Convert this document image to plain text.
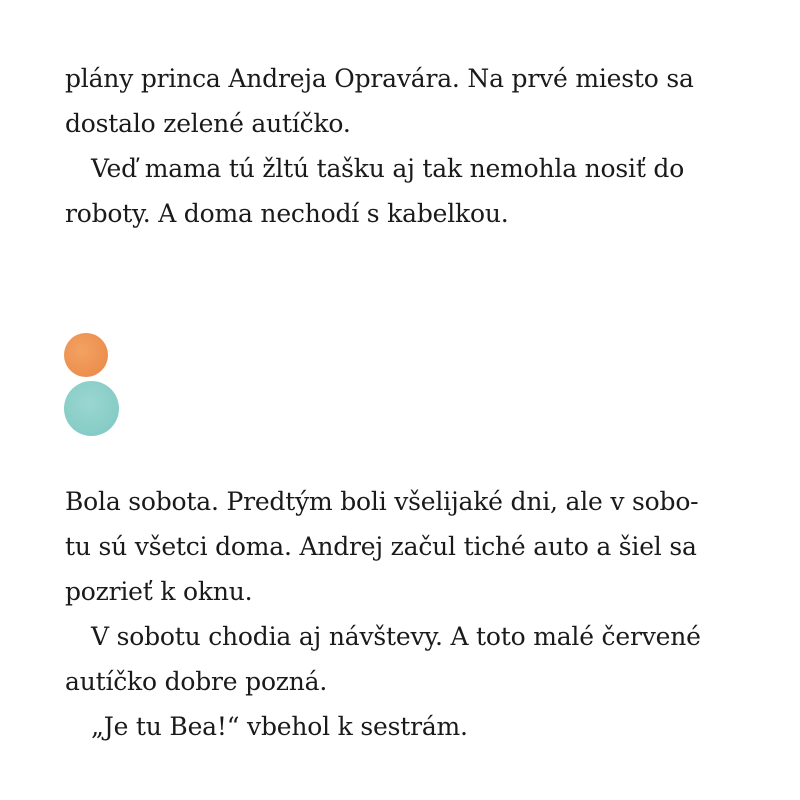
plány princa Andreja Opravára. Na prvé miesto sa

dostalo zelené autíčko.

Veď mama tú žltú tašku aj tak nemohla nosiť do

roboty. A doma nechodí s kabelkou.

Bola sobota. Predtým boli všelijaké dni, ale v sobo-

tu sú všetci doma. Andrej začul tiché auto a šiel sa

pozrieť k oknu.

V sobotu chodia aj návštevy. A toto malé červené

autíčko dobre pozná.

„Je tu Bea!“ vbehol k sestrám.
